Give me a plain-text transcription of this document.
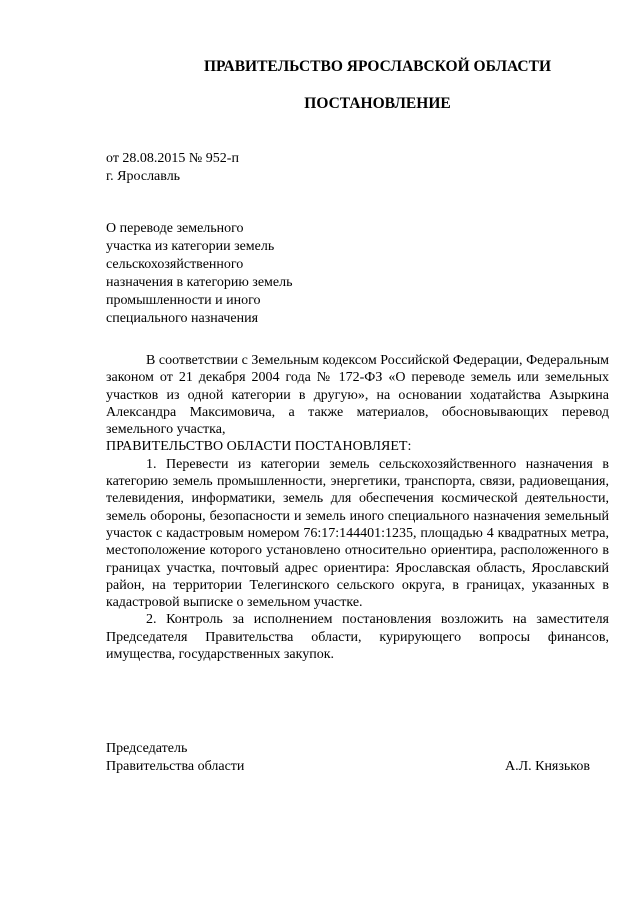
ПРАВИТЕЛЬСТВО ЯРОСЛАВСКОЙ ОБЛАСТИ
ПОСТАНОВЛЕНИЕ
от 28.08.2015 № 952-п
г. Ярославль
О переводе земельного
участка из категории земель
сельскохозяйственного
назначения в категорию земель
промышленности и иного
специального назначения

В соответствии с Земельным кодексом Российской Федерации, Федеральным законом от 21 декабря 2004 года № 172-ФЗ «О переводе земель или земельных участков из одной категории в другую», на основании ходатайства Азыркина Александра Максимовича, а также материалов, обосновывающих перевод земельного участка,

ПРАВИТЕЛЬСТВО ОБЛАСТИ ПОСТАНОВЛЯЕТ:

1. Перевести из категории земель сельскохозяйственного назначения в категорию земель промышленности, энергетики, транспорта, связи, радиовещания, телевидения, информатики, земель для обеспечения космической деятельности, земель обороны, безопасности и земель иного специального назначения земельный участок с кадастровым номером 76:17:144401:1235, площадью 4 квадратных метра, местоположение которого установлено относительно ориентира, расположенного в границах участка, почтовый адрес ориентира: Ярославская область, Ярославский район, на территории Телегинского сельского округа, в границах, указанных в кадастровой выписке о земельном участке.

2. Контроль за исполнением постановления возложить на заместителя Председателя Правительства области, курирующего вопросы финансов, имущества, государственных закупок.

Председатель
Правительства области	А.Л. Князьков
